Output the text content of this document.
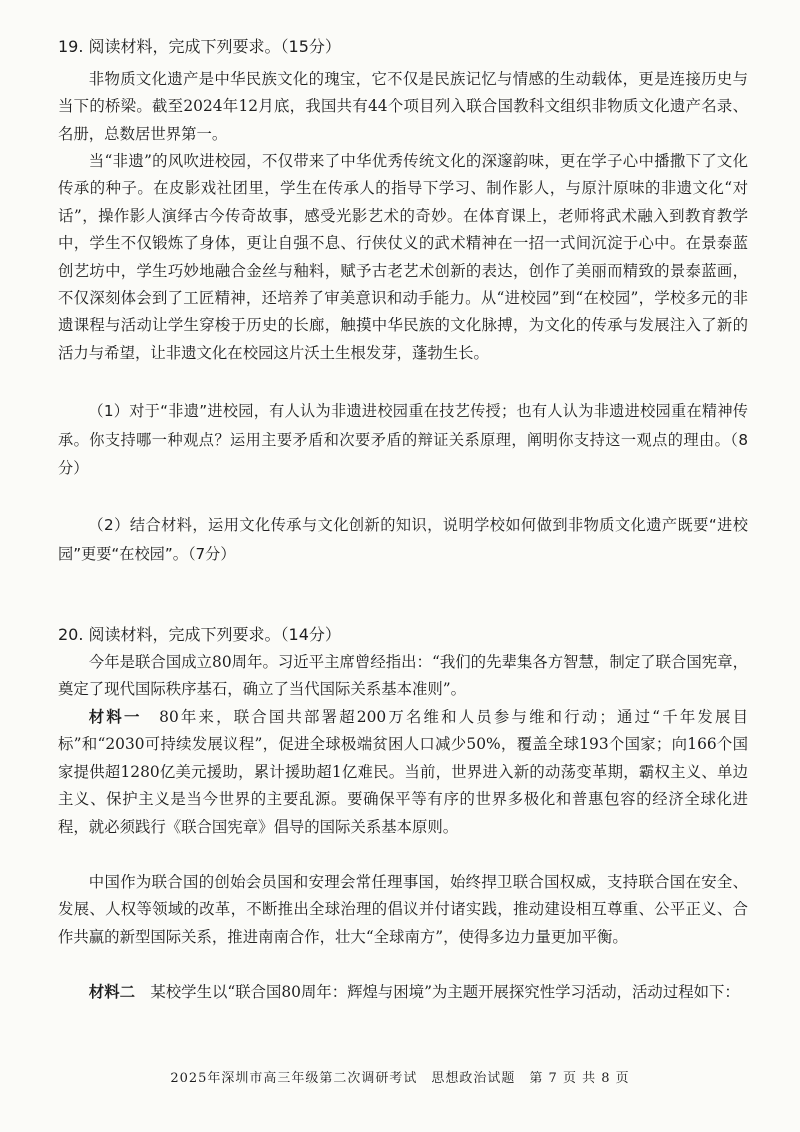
19. 阅读材料，完成下列要求。（15分）

非物质文化遗产是中华民族文化的瑰宝，它不仅是民族记忆与情感的生动载体，更是连接历史与当下的桥梁。截至2024年12月底，我国共有44个项目列入联合国教科文组织非物质文化遗产名录、名册，总数居世界第一。

当“非遗”的风吹进校园，不仅带来了中华优秀传统文化的深邃韵味，更在学子心中播撒下了文化传承的种子。在皮影戏社团里，学生在传承人的指导下学习、制作影人，与原汁原味的非遗文化“对话”，操作影人演绎古今传奇故事，感受光影艺术的奇妙。在体育课上，老师将武术融入到教育教学中，学生不仅锻炼了身体，更让自强不息、行侠仗义的武术精神在一招一式间沉淀于心中。在景泰蓝创艺坊中，学生巧妙地融合金丝与釉料，赋予古老艺术创新的表达，创作了美丽而精致的景泰蓝画，不仅深刻体会到了工匠精神，还培养了审美意识和动手能力。从“进校园”到“在校园”，学校多元的非遗课程与活动让学生穿梭于历史的长廊，触摸中华民族的文化脉搏，为文化的传承与发展注入了新的活力与希望，让非遗文化在校园这片沃土生根发芽，蓬勃生长。

（1）对于“非遗”进校园，有人认为非遗进校园重在技艺传授；也有人认为非遗进校园重在精神传承。你支持哪一种观点？运用主要矛盾和次要矛盾的辩证关系原理，阐明你支持这一观点的理由。（8分）

（2）结合材料，运用文化传承与文化创新的知识，说明学校如何做到非物质文化遗产既要“进校园”更要“在校园”。（7分）

20. 阅读材料，完成下列要求。（14分）

今年是联合国成立80周年。习近平主席曾经指出：“我们的先辈集各方智慧，制定了联合国宪章，奠定了现代国际秩序基石，确立了当代国际关系基本准则”。

材料一　 80年来，联合国共部署超200万名维和人员参与维和行动；通过“千年发展目标”和“2030可持续发展议程”，促进全球极端贫困人口减少50%，覆盖全球193个国家；向166个国家提供超1280亿美元援助，累计援助超1亿难民。当前，世界进入新的动荡变革期，霸权主义、单边主义、保护主义是当今世界的主要乱源。要确保平等有序的世界多极化和普惠包容的经济全球化进程，就必须践行《联合国宪章》倡导的国际关系基本原则。

中国作为联合国的创始会员国和安理会常任理事国，始终捍卫联合国权威，支持联合国在安全、发展、人权等领域的改革，不断推出全球治理的倡议并付诸实践，推动建设相互尊重、公平正义、合作共赢的新型国际关系，推进南南合作，壮大“全球南方”，使得多边力量更加平衡。

材料二　 某校学生以“联合国80周年：辉煌与困境”为主题开展探究性学习活动，活动过程如下：

2025年深圳市高三年级第二次调研考试　思想政治试题　第 7 页 共 8 页
